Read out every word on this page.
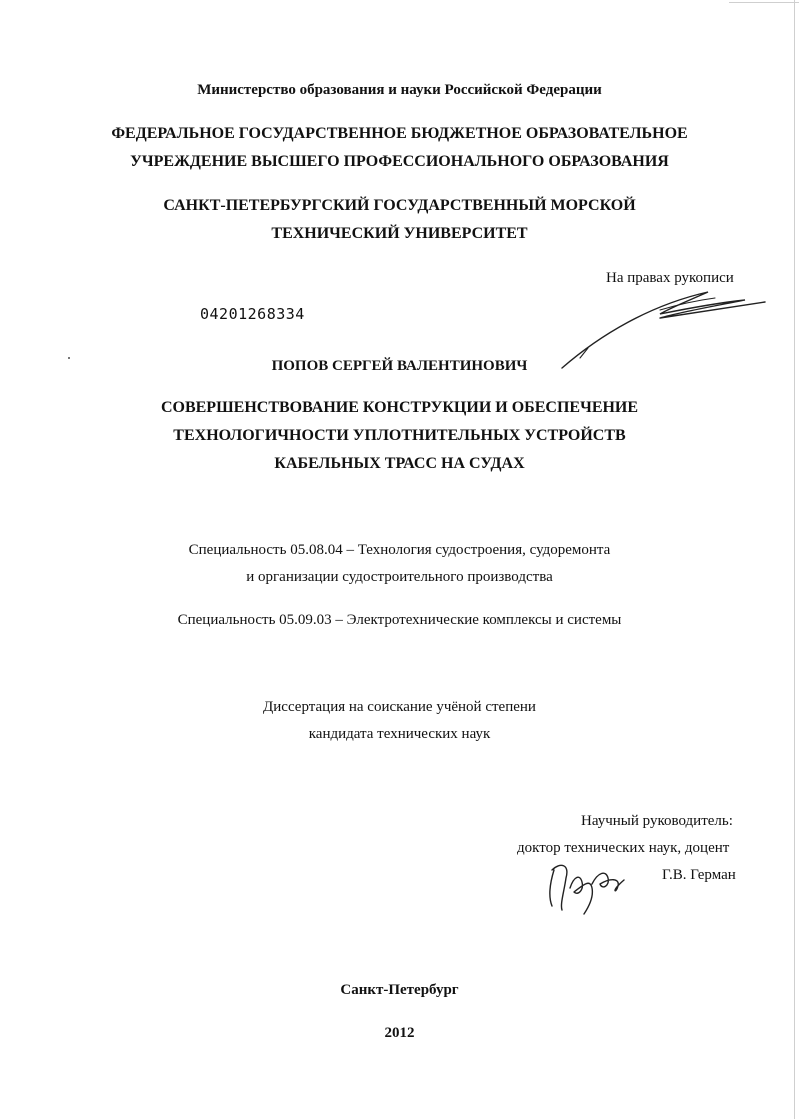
Министерство образования и науки Российской Федерации
ФЕДЕРАЛЬНОЕ ГОСУДАРСТВЕННОЕ БЮДЖЕТНОЕ ОБРАЗОВАТЕЛЬНОЕ
УЧРЕЖДЕНИЕ ВЫСШЕГО ПРОФЕССИОНАЛЬНОГО ОБРАЗОВАНИЯ
САНКТ-ПЕТЕРБУРГСКИЙ ГОСУДАРСТВЕННЫЙ МОРСКОЙ
ТЕХНИЧЕСКИЙ УНИВЕРСИТЕТ
На правах рукописи
04201268334
ПОПОВ СЕРГЕЙ ВАЛЕНТИНОВИЧ
СОВЕРШЕНСТВОВАНИЕ КОНСТРУКЦИИ И ОБЕСПЕЧЕНИЕ
ТЕХНОЛОГИЧНОСТИ УПЛОТНИТЕЛЬНЫХ УСТРОЙСТВ
КАБЕЛЬНЫХ ТРАСС НА СУДАХ
Специальность 05.08.04 – Технология судостроения, судоремонта
и организации судостроительного производства
Специальность 05.09.03 – Электротехнические комплексы и системы
Диссертация на соискание учёной степени
кандидата технических наук
Научный руководитель:
доктор технических наук, доцент
Г.В. Герман
Санкт-Петербург
2012
